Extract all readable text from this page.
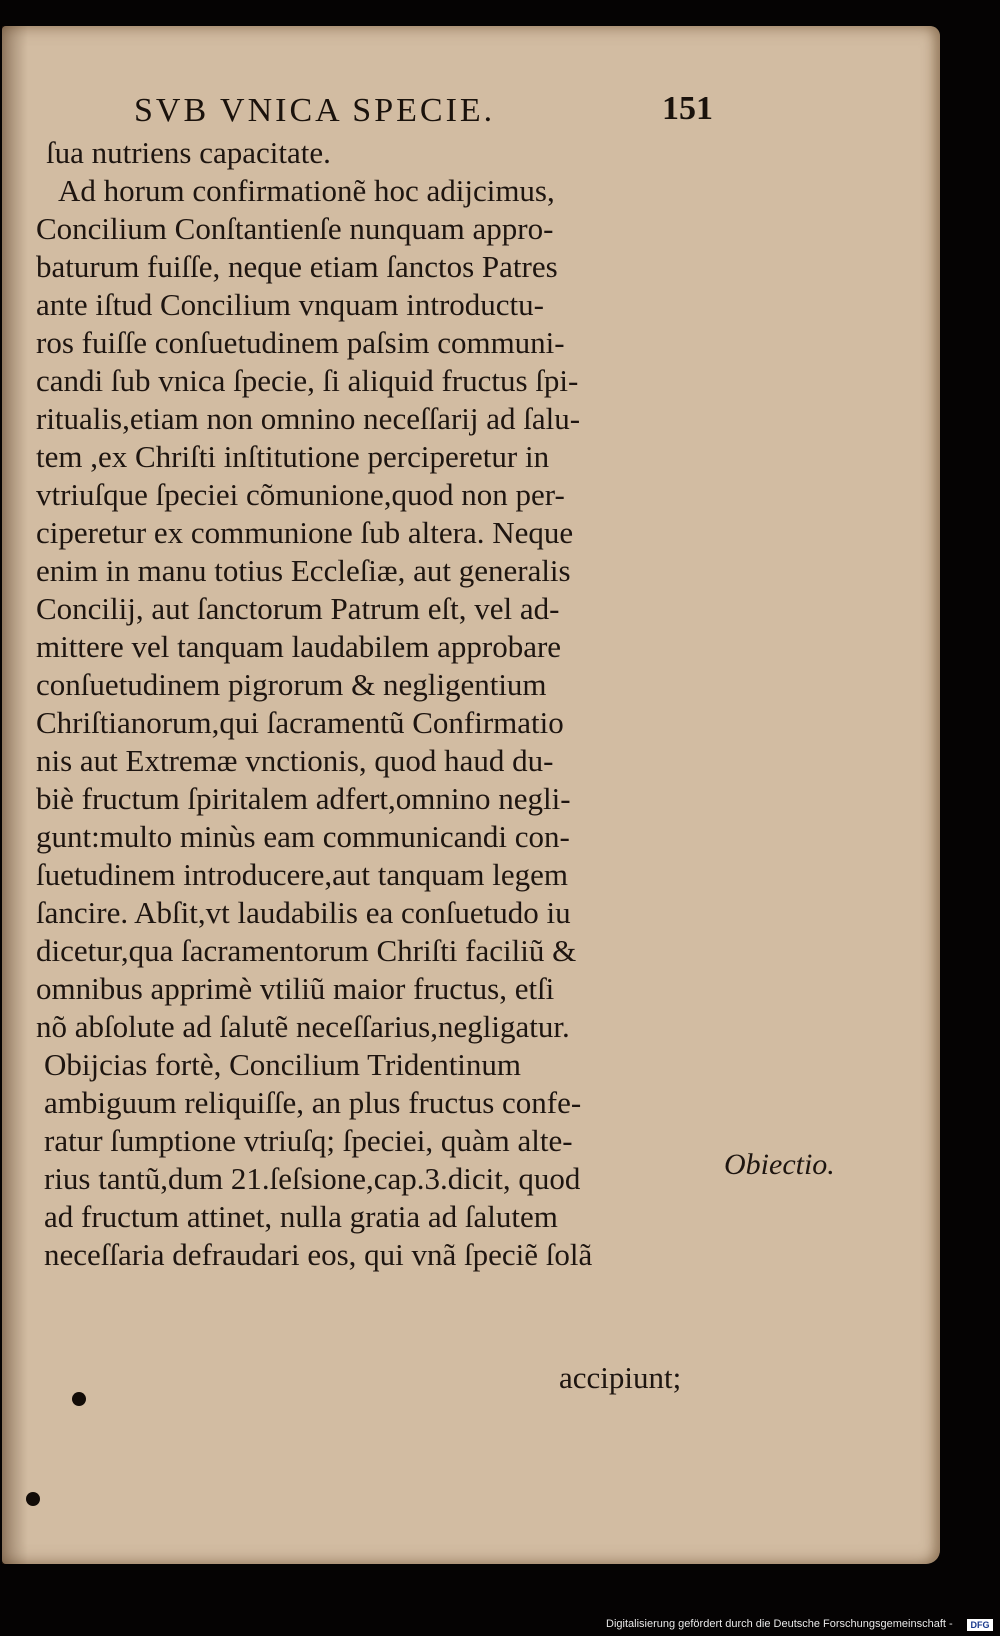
SVB VNICA SPECIE.	151
ſua nutriens capacitate.
Ad horum confirmationẽ hoc adijcimus,
Concilium Conſtantienſe nunquam appro-
baturum fuiſſe, neque etiam ſanctos Patres
ante iſtud Concilium vnquam introductu-
ros fuiſſe conſuetudinem paſsim communi-
candi ſub vnica ſpecie, ſi aliquid fructus ſpi-
ritualis,etiam non omnino neceſſarij ad ſalu-
tem ,ex Chriſti inſtitutione perciperetur in
vtriuſque ſpeciei cõmunione,quod non per-
ciperetur ex communione ſub altera. Neque
enim in manu totius Eccleſiæ, aut generalis
Concilij, aut ſanctorum Patrum eſt, vel ad-
mittere vel tanquam laudabilem approbare
conſuetudinem pigrorum & negligentium
Chriſtianorum,qui ſacramentũ Confirmatio
nis aut Extremæ vnctionis, quod haud du-
biè fructum ſpiritalem adfert,omnino negli-
gunt:multo minùs eam communicandi con-
ſuetudinem introducere,aut tanquam legem
ſancire. Abſit,vt laudabilis ea conſuetudo iu
dicetur,qua ſacramentorum Chriſti faciliũ &
omnibus apprimè vtiliũ maior fructus, etſi
nõ abſolute ad ſalutẽ neceſſarius,negligatur.
Obijcias fortè, Concilium Tridentinum
ambiguum reliquiſſe, an plus fructus confe-
ratur ſumptione vtriuſq; ſpeciei, quàm alte-
rius tantũ,dum 21.ſeſsione,cap.3.dicit, quod
ad fructum attinet, nulla gratia ad ſalutem
neceſſaria defraudari eos, qui vnã ſpeciẽ ſolã
Obiectio.
accipiunt;
Digitalisierung gefördert durch die Deutsche Forschungsgemeinschaft -	DFG
